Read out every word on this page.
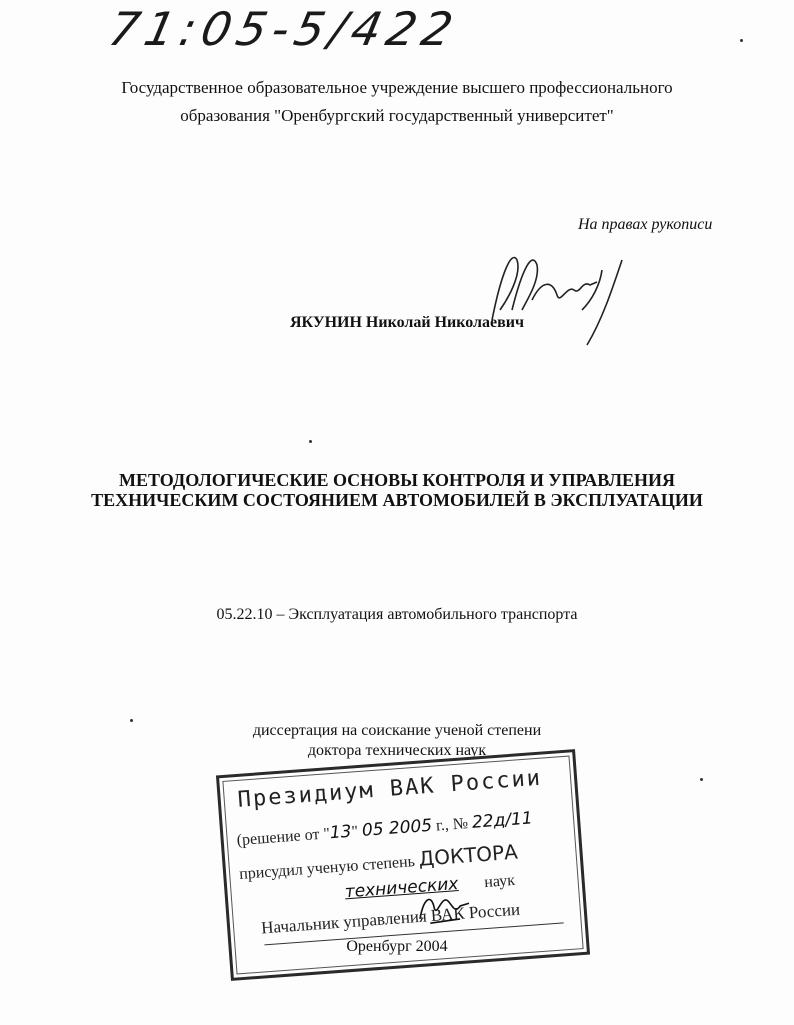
71:05-5/422
Государственное образовательное учреждение высшего профессионального
образования "Оренбургский государственный университет"
На правах рукописи
ЯКУНИН Николай Николаевич
МЕТОДОЛОГИЧЕСКИЕ ОСНОВЫ КОНТРОЛЯ И УПРАВЛЕНИЯ
ТЕХНИЧЕСКИМ СОСТОЯНИЕМ АВТОМОБИЛЕЙ В ЭКСПЛУАТАЦИИ
05.22.10 – Эксплуатация автомобильного транспорта
диссертация на соискание ученой степени
доктора технических наук
Президиум ВАК России
(решение от "13" 05 2005 г., № 22д/11
присудил ученую степень ДОКТОРА
технических наук
Начальник управления ВАК России
Оренбург 2004
